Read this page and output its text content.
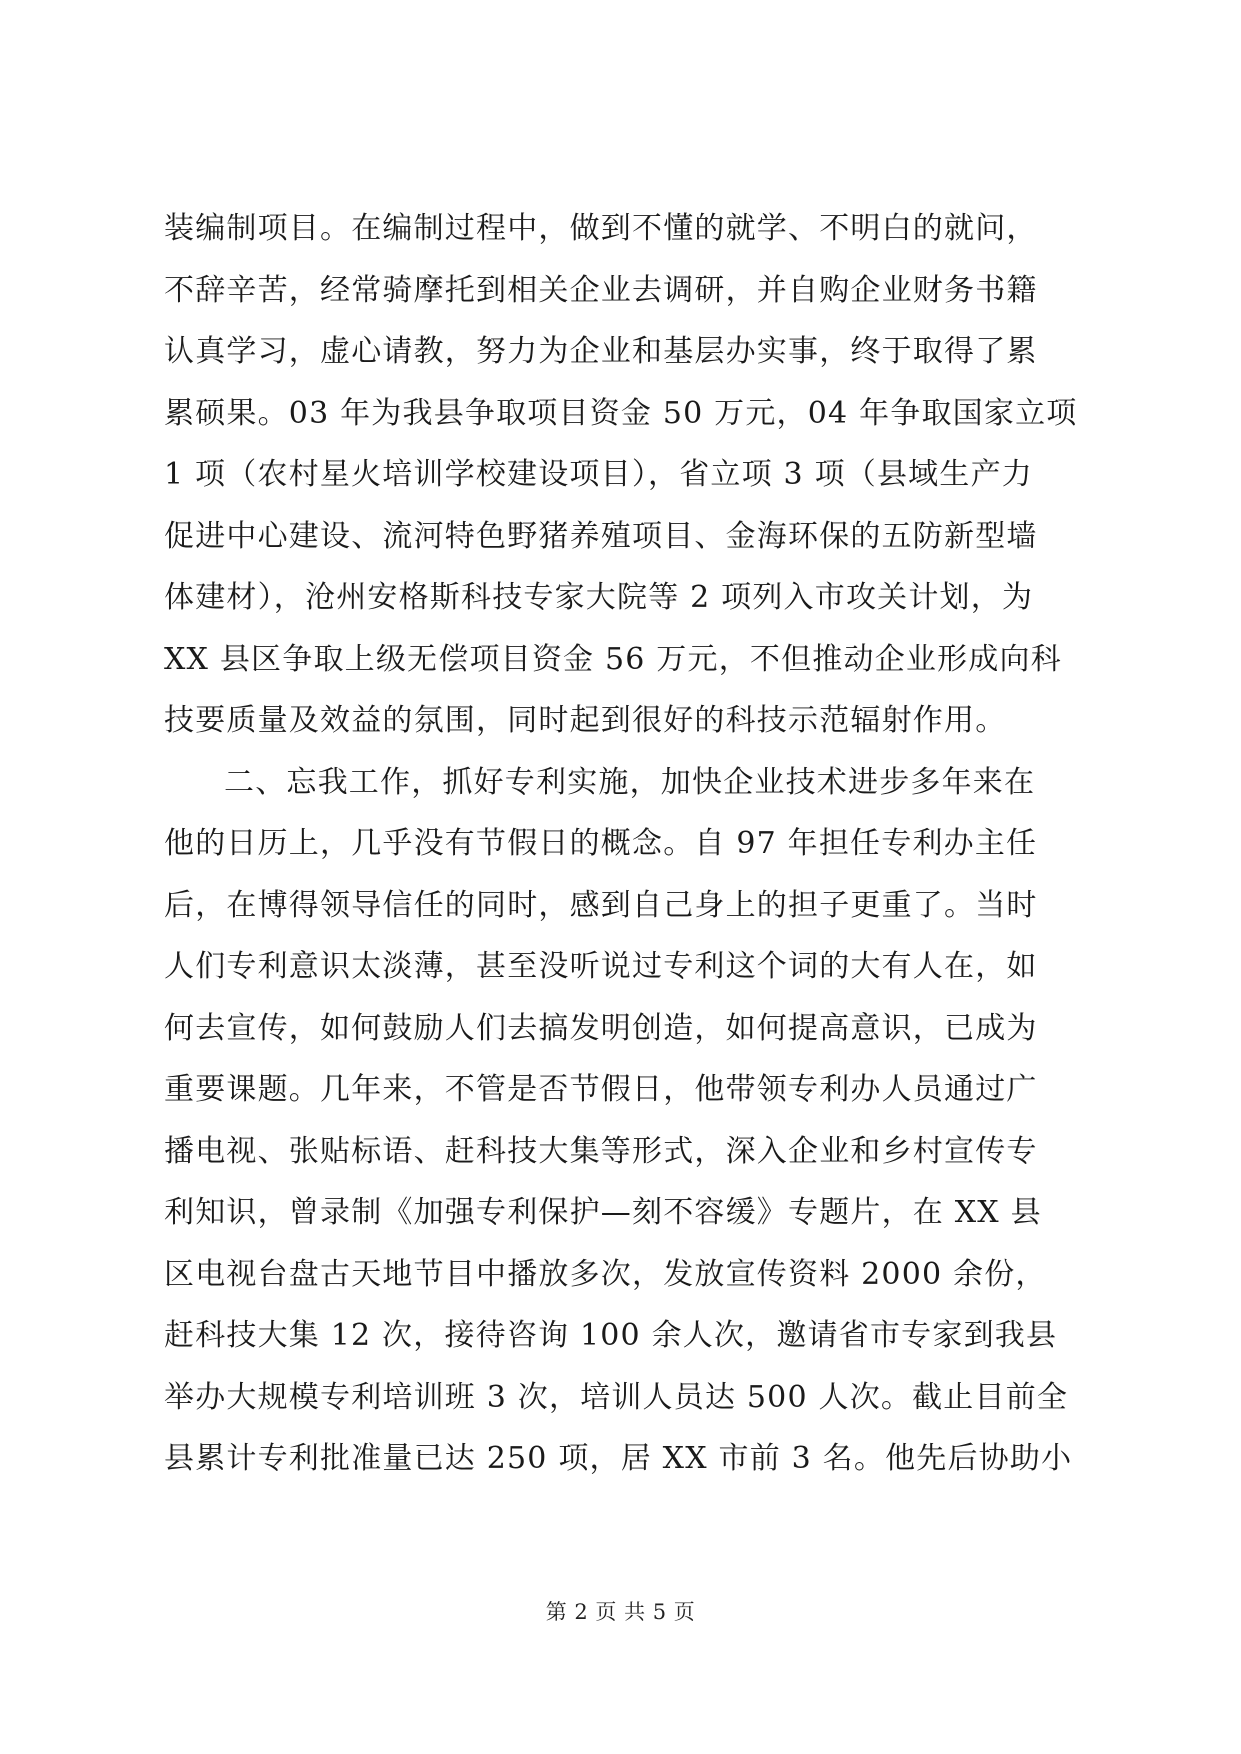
装编制项目。在编制过程中，做到不懂的就学、不明白的就问，
不辞辛苦，经常骑摩托到相关企业去调研，并自购企业财务书籍
认真学习，虚心请教，努力为企业和基层办实事，终于取得了累
累硕果。03 年为我县争取项目资金 50 万元，04 年争取国家立项
1 项（农村星火培训学校建设项目），省立项 3 项（县域生产力
促进中心建设、流河特色野猪养殖项目、金海环保的五防新型墙
体建材），沧州安格斯科技专家大院等 2 项列入市攻关计划，为
XX 县区争取上级无偿项目资金 56 万元，不但推动企业形成向科
技要质量及效益的氛围，同时起到很好的科技示范辐射作用。
二、忘我工作，抓好专利实施，加快企业技术进步多年来在
他的日历上，几乎没有节假日的概念。自 97 年担任专利办主任
后，在博得领导信任的同时，感到自己身上的担子更重了。当时
人们专利意识太淡薄，甚至没听说过专利这个词的大有人在，如
何去宣传，如何鼓励人们去搞发明创造，如何提高意识，已成为
重要课题。几年来，不管是否节假日，他带领专利办人员通过广
播电视、张贴标语、赶科技大集等形式，深入企业和乡村宣传专
利知识，曾录制《加强专利保护—刻不容缓》专题片，在 XX 县
区电视台盘古天地节目中播放多次，发放宣传资料 2000 余份，
赶科技大集 12 次，接待咨询 100 余人次，邀请省市专家到我县
举办大规模专利培训班 3 次，培训人员达 500 人次。截止目前全
县累计专利批准量已达 250 项，居 XX 市前 3 名。他先后协助小
第 2 页 共 5 页
